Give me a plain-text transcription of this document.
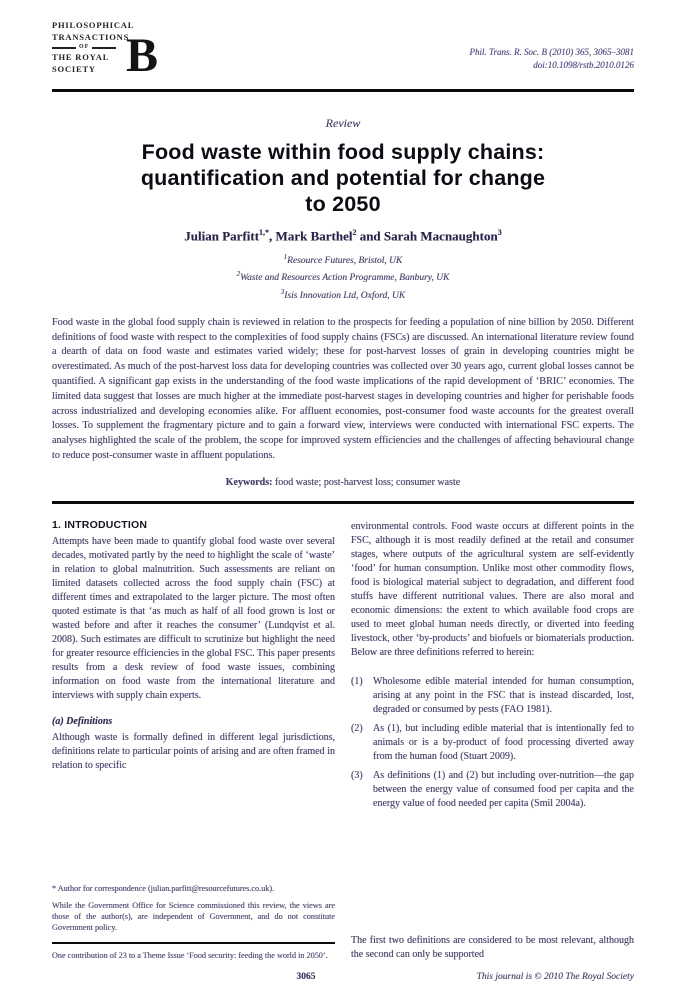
PHILOSOPHICAL
TRANSACTIONS
OF
THE ROYAL
SOCIETY B	Phil. Trans. R. Soc. B (2010) 365, 3065–3081
doi:10.1098/rstb.2010.0126
Review
Food waste within food supply chains:
quantification and potential for change
to 2050
Julian Parfitt$^{1,*}$, Mark Barthel$^2$ and Sarah Macnaughton$^3$
$^1$Resource Futures, Bristol, UK
$^2$Waste and Resources Action Programme, Banbury, UK
$^3$Isis Innovation Ltd, Oxford, UK

Food waste in the global food supply chain is reviewed in relation to the prospects for feeding a population of nine billion by 2050. Different definitions of food waste with respect to the complexities of food supply chains (FSCs) are discussed. An international literature review found a dearth of data on food waste and estimates varied widely; these for post-harvest losses of grain in developing countries might be overestimated. As much of the post-harvest loss data for developing countries was collected over 30 years ago, current global losses cannot be quantified. A significant gap exists in the understanding of the food waste implications of the rapid development of ‘BRIC’ economies. The limited data suggest that losses are much higher at the immediate post-harvest stages in developing countries and higher for perishable foods across industrialized and developing economies alike. For affluent economies, post-consumer food waste accounts for the greatest overall losses. To supplement the fragmentary picture and to gain a forward view, interviews were conducted with international FSC experts. The analyses highlighted the scale of the problem, the scope for improved system efficiencies and the challenges of affecting behavioural change to reduce post-consumer waste in affluent populations.

Keywords: food waste; post-harvest loss; consumer waste
1. INTRODUCTION

Attempts have been made to quantify global food waste over several decades, motivated partly by the need to highlight the scale of ‘waste’ in relation to global malnutrition. Such assessments are reliant on limited datasets collected across the food supply chain (FSC) at different times and extrapolated to the larger picture. The most often quoted estimate is that ‘as much as half of all food grown is lost or wasted before and after it reaches the consumer’ (Lundqvist et al. 2008). Such estimates are difficult to scrutinize but highlight the need for greater resource efficiencies in the global FSC. This paper presents results from a desk review of food waste issues, combining information on food waste from the international literature and interviews with supply chain experts.

(a) Definitions

Although waste is formally defined in different legal jurisdictions, definitions relate to particular points of arising and are often framed in relation to specific

* Author for correspondence (julian.parfitt@resourcefutures.co.uk).

While the Government Office for Science commissioned this review, the views are those of the author(s), are independent of Government, and do not constitute Government policy.

One contribution of 23 to a Theme Issue ‘Food security: feeding the world in 2050’.

environmental controls. Food waste occurs at different points in the FSC, although it is most readily defined at the retail and consumer stages, where outputs of the agricultural system are self-evidently ‘food’ for human consumption. Unlike most other commodity flows, food is biological material subject to degradation, and different food stuffs have different nutritional values. There are also moral and economic dimensions: the extent to which available food crops are used to meet global human needs directly, or diverted into feeding livestock, other ‘by-products’ and biofuels or biomaterials production. Below are three definitions referred to herein:

(1)	Wholesome edible material intended for human consumption, arising at any point in the FSC that is instead discarded, lost, degraded or consumed by pests (FAO 1981).
(2)	As (1), but including edible material that is intentionally fed to animals or is a by-product of food processing diverted away from the human food (Stuart 2009).
(3)	As definitions (1) and (2) but including over-nutrition—the gap between the energy value of consumed food per capita and the energy value of food needed per capita (Smil 2004a).

The first two definitions are considered to be most relevant, although the second can only be supported

3065	This journal is © 2010 The Royal Society
